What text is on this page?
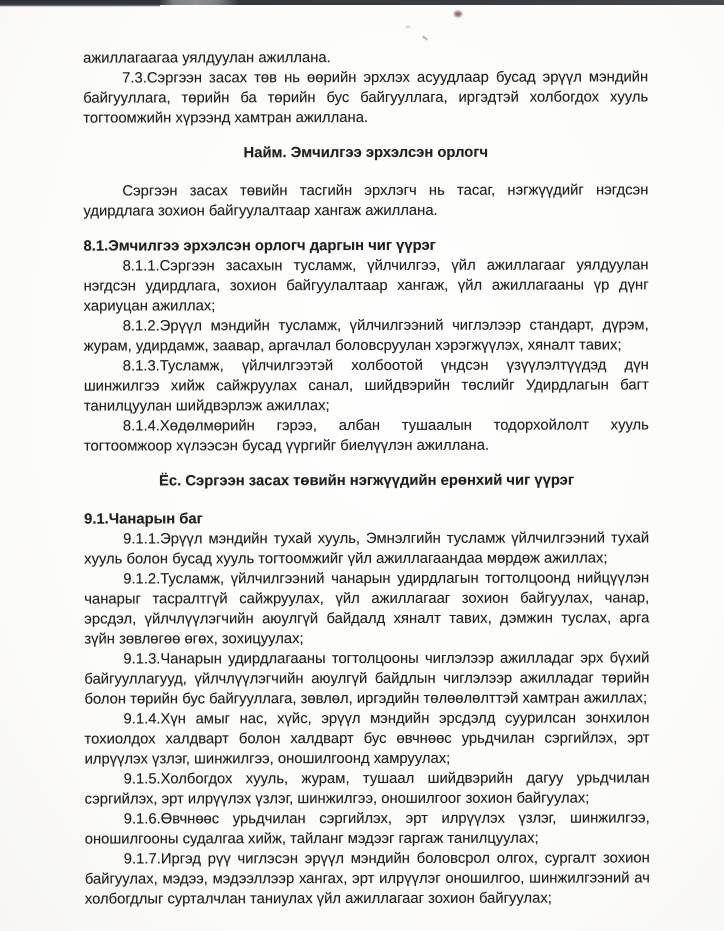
ажиллагаагаа уялдуулан ажиллана.

7.3.Сэргээн засах төв нь өөрийн эрхлэх асуудлаар бусад эрүүл мэндийн байгууллага, төрийн ба төрийн бус байгууллага, иргэдтэй холбогдох хууль тогтоомжийн хүрээнд хамтран ажиллана.

Найм. Эмчилгээ эрхэлсэн орлогч

Сэргээн засах төвийн тасгийн эрхлэгч нь тасаг, нэгжүүдийг нэгдсэн удирдлага зохион байгуулалтаар хангаж ажиллана.

8.1.Эмчилгээ эрхэлсэн орлогч даргын чиг үүрэг

8.1.1.Сэргээн засахын тусламж, үйлчилгээ, үйл ажиллагааг уялдуулан нэгдсэн удирдлага, зохион байгуулалтаар хангаж, үйл ажиллагааны үр дүнг хариуцан ажиллах;

8.1.2.Эрүүл мэндийн тусламж, үйлчилгээний чиглэлээр стандарт, дүрэм, журам, удирдамж, заавар, аргачлал боловсруулан хэрэгжүүлэх, хяналт тавих;

8.1.3.Тусламж, үйлчилгээтэй холбоотой үндсэн үзүүлэлтүүдэд дүн шинжилгээ хийж сайжруулах санал, шийдвэрийн төслийг Удирдлагын багт танилцуулан шийдвэрлэж ажиллах;

8.1.4.Хөдөлмөрийн гэрээ, албан тушаалын тодорхойлолт хууль тогтоомжоор хүлээсэн бусад үүргийг биелүүлэн ажиллана.

Ёс. Сэргээн засах төвийн нэгжүүдийн ерөнхий чиг үүрэг
9.1.Чанарын баг

9.1.1.Эрүүл мэндийн тухай хууль, Эмнэлгийн тусламж үйлчилгээний тухай хууль болон бусад хууль тогтоомжийг үйл ажиллагаандаа мөрдөж ажиллах;

9.1.2.Тусламж, үйлчилгээний чанарын удирдлагын тогтолцоонд нийцүүлэн чанарыг тасралтгүй сайжруулах, үйл ажиллагааг зохион байгуулах, чанар, эрсдэл, үйлчлүүлэгчийн аюулгүй байдалд хяналт тавих, дэмжин туслах, арга зүйн зөвлөгөө өгөх, зохицуулах;

9.1.3.Чанарын удирдлагааны тогтолцооны чиглэлээр ажилладаг эрх бүхий байгууллагууд, үйлчлүүлэгчийн аюулгүй байдлын чиглэлээр ажилладаг төрийн болон төрийн бус байгууллага, зөвлөл, иргэдийн төлөөлөлттэй хамтран ажиллах;

9.1.4.Хүн амыг нас, хүйс, эрүүл мэндийн эрсдэлд суурилсан зонхилон тохиолдох халдварт болон халдварт бус өвчнөөс урьдчилан сэргийлэх, эрт илрүүлэх үзлэг, шинжилгээ, оношилгоонд хамруулах;

9.1.5.Холбогдох хууль, журам, тушаал шийдвэрийн дагуу урьдчилан сэргийлэх, эрт илрүүлэх үзлэг, шинжилгээ, оношилгоог зохион байгуулах;

9.1.6.Өвчнөөс урьдчилан сэргийлэх, эрт илрүүлэх үзлэг, шинжилгээ, оношилгооны судалгаа хийж, тайланг мэдээг гаргаж танилцуулах;

9.1.7.Иргэд рүү чиглэсэн эрүүл мэндийн боловсрол олгох, сургалт зохион байгуулах, мэдээ, мэдээллээр хангах, эрт илрүүлэг оношилгоо, шинжилгээний ач холбогдлыг сурталчлан таниулах үйл ажиллагааг зохион байгуулах;
